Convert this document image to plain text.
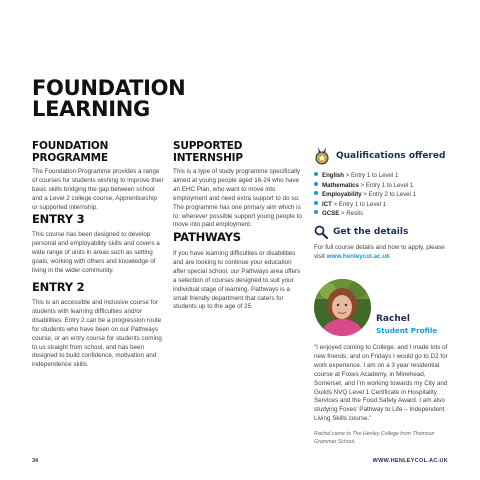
FOUNDATION LEARNING
FOUNDATION PROGRAMME

The Foundation Programme provides a range of courses for students wishing to improve their basic skills bridging the gap between school and a Level 2 college course, Apprenticeship or supported internship.

ENTRY 3

This course has been designed to develop personal and employability skills and covers a wide range of units in areas such as setting goals, working with others and knowledge of living in the wider community.

ENTRY 2

This is an accessible and inclusive course for students with learning difficulties and/or disabilities. Entry 2 can be a progression route for students who have been on our Pathways course, or an entry course for students coming to us straight from school, and has been designed to build confidence, motivation and independence skills.

SUPPORTED INTERNSHIP

This is a type of study programme specifically aimed at young people aged 16-24 who have an EHC Plan, who want to move into employment and need extra support to do so. The programme has one primary aim which is to: wherever possible support young people to move into paid employment.

PATHWAYS

If you have learning difficulties or disabilities and are looking to continue your education after special school, our Pathways area offers a selection of courses designed to suit your individual stage of learning. Pathways is a small friendly department that caters for students up to the age of 25.

Qualifications offered
English > Entry 1 to Level 1
Mathematics > Entry 1 to Level 1
Employability > Entry 2 to Level 1
ICT > Entry 1 to Level 1
GCSE > Resits
Get the details

For full course details and how to apply, please visit www.henleycol.ac.uk

Rachel
Student Profile

“I enjoyed coming to College, and I made lots of new friends, and on Fridays I would go to D2 for work experience. I am on a 3 year residential course at Foxes Academy, in Minehead, Somerset, and I’m working towards my City and Guilds NVQ Level 1 Certificate in Hospitality Services and the Food Safety Award. I am also studying Foxes’ Pathway to Life – Independent Living Skills course.”

Rachel came to The Henley College from Thomson Grammar School.

34	WWW.HENLEYCOL.AC.UK
